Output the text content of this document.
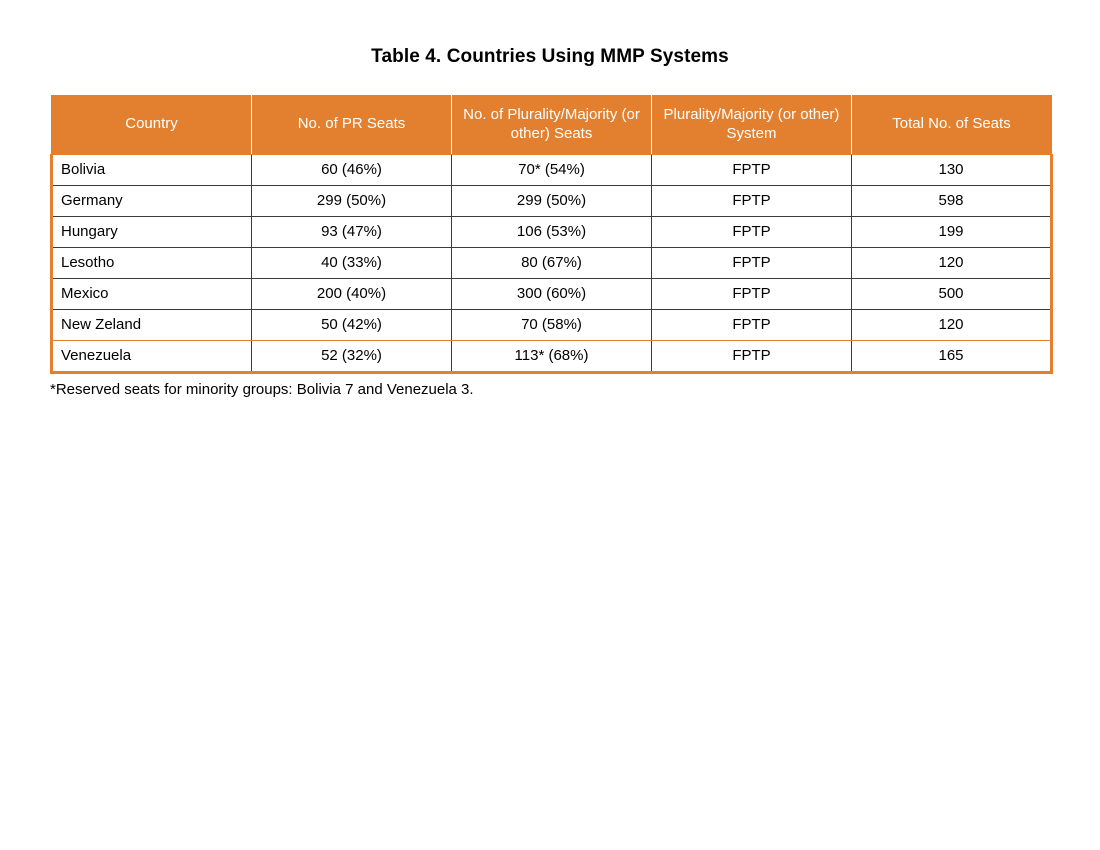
Table 4. Countries Using MMP Systems
Country	No. of PR Seats	No. of Plurality/Majority (or other) Seats	Plurality/Majority (or other) System	Total No. of Seats
Bolivia	60 (46%)	70* (54%)	FPTP	130
Germany	299 (50%)	299 (50%)	FPTP	598
Hungary	93 (47%)	106 (53%)	FPTP	199
Lesotho	40 (33%)	80 (67%)	FPTP	120
Mexico	200 (40%)	300 (60%)	FPTP	500
New Zeland	50 (42%)	70 (58%)	FPTP	120
Venezuela	52 (32%)	113* (68%)	FPTP	165
*Reserved seats for minority groups: Bolivia 7 and Venezuela 3.
